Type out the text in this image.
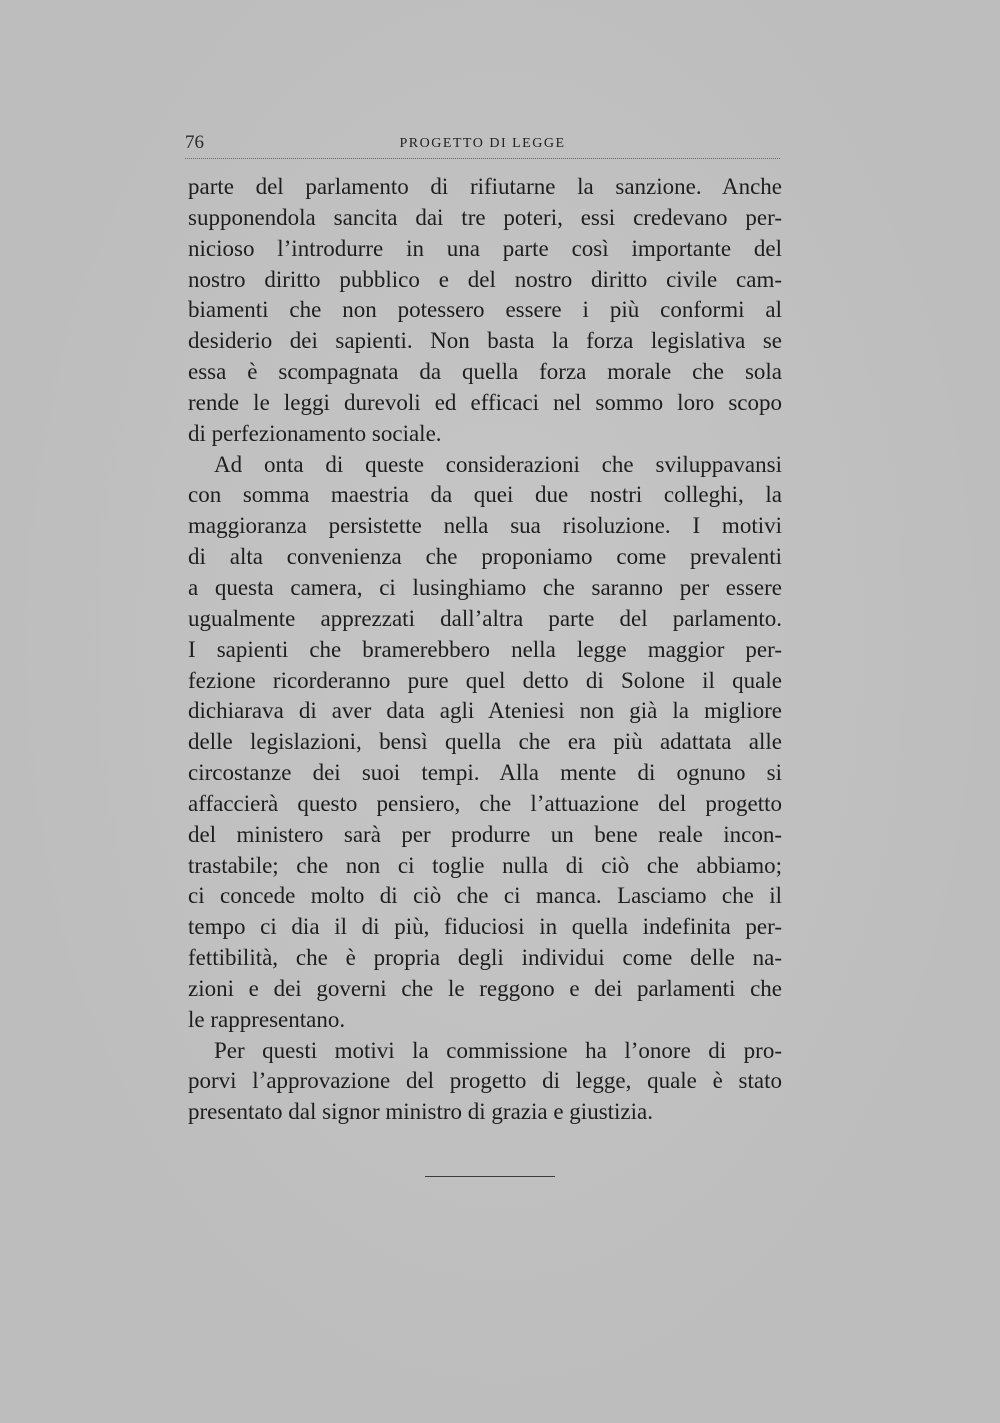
76	PROGETTO DI LEGGE
parte del parlamento di rifiutarne la sanzione. Anche
supponendola sancita dai tre poteri, essi credevano per-
nicioso l’introdurre in una parte così importante del
nostro diritto pubblico e del nostro diritto civile cam-
biamenti che non potessero essere i più conformi al
desiderio dei sapienti. Non basta la forza legislativa se
essa è scompagnata da quella forza morale che sola
rende le leggi durevoli ed efficaci nel sommo loro scopo
di perfezionamento sociale.
Ad onta di queste considerazioni che sviluppavansi
con somma maestria da quei due nostri colleghi, la
maggioranza persistette nella sua risoluzione. I motivi
di alta convenienza che proponiamo come prevalenti
a questa camera, ci lusinghiamo che saranno per essere
ugualmente apprezzati dall’altra parte del parlamento.
I sapienti che bramerebbero nella legge maggior per-
fezione ricorderanno pure quel detto di Solone il quale
dichiarava di aver data agli Ateniesi non già la migliore
delle legislazioni, bensì quella che era più adattata alle
circostanze dei suoi tempi. Alla mente di ognuno si
affaccierà questo pensiero, che l’attuazione del progetto
del ministero sarà per produrre un bene reale incon-
trastabile; che non ci toglie nulla di ciò che abbiamo;
ci concede molto di ciò che ci manca. Lasciamo che il
tempo ci dia il di più, fiduciosi in quella indefinita per-
fettibilità, che è propria degli individui come delle na-
zioni e dei governi che le reggono e dei parlamenti che
le rappresentano.
Per questi motivi la commissione ha l’onore di pro-
porvi l’approvazione del progetto di legge, quale è stato
presentato dal signor ministro di grazia e giustizia.
